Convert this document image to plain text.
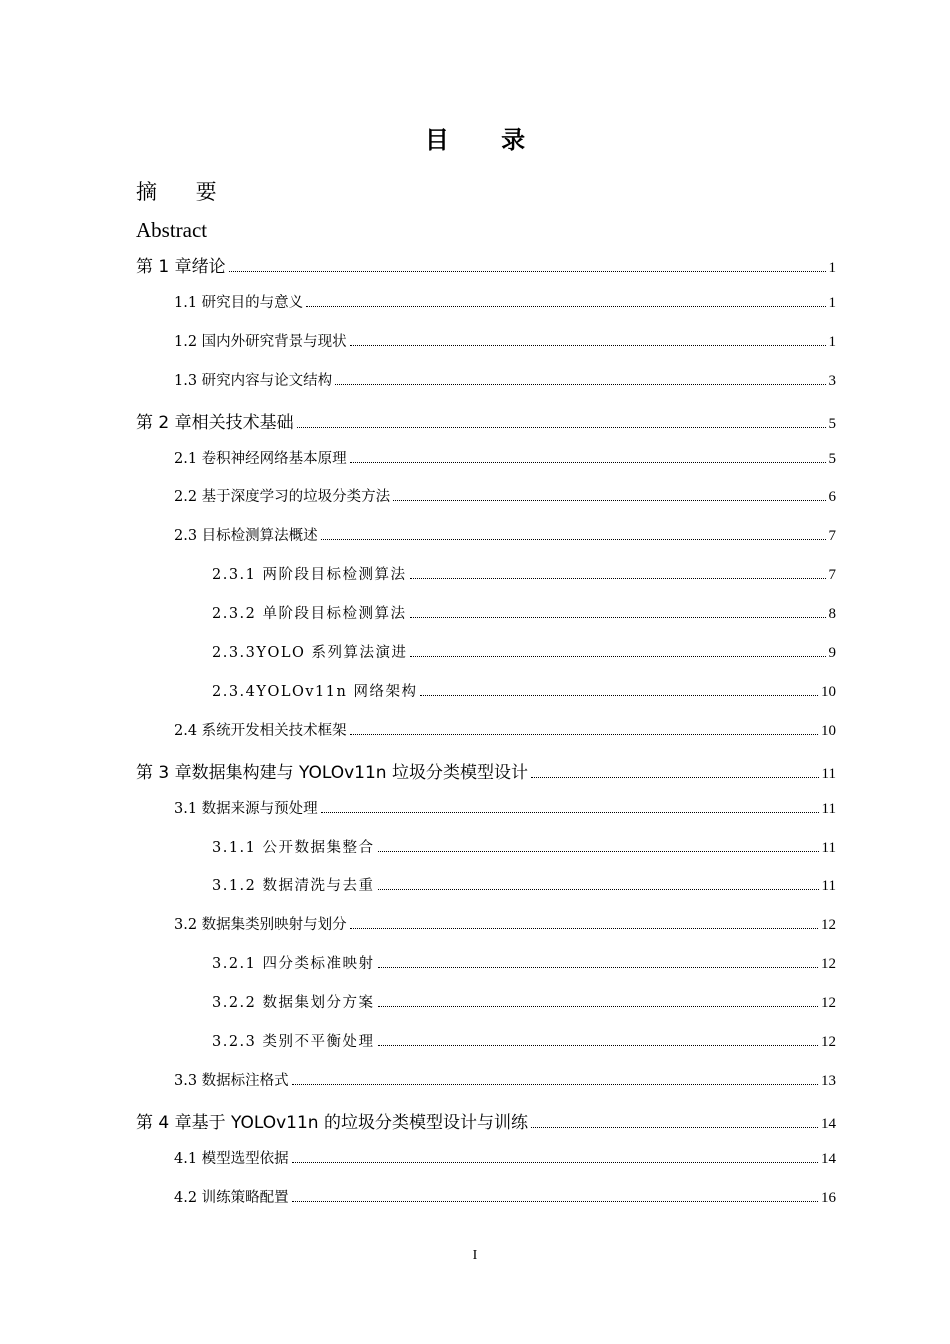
目 录
摘 要
Abstract
第 1 章绪论	1
1.1 研究目的与意义	1
1.2 国内外研究背景与现状	1
1.3 研究内容与论文结构	3
第 2 章相关技术基础	5
2.1 卷积神经网络基本原理	5
2.2 基于深度学习的垃圾分类方法	6
2.3 目标检测算法概述	7
2.3.1 两阶段目标检测算法	7
2.3.2 单阶段目标检测算法	8
2.3.3YOLO 系列算法演进	9
2.3.4YOLOv11n 网络架构	10
2.4 系统开发相关技术框架	10
第 3 章数据集构建与 YOLOv11n 垃圾分类模型设计	11
3.1 数据来源与预处理	11
3.1.1 公开数据集整合	11
3.1.2 数据清洗与去重	11
3.2 数据集类别映射与划分	12
3.2.1 四分类标准映射	12
3.2.2 数据集划分方案	12
3.2.3 类别不平衡处理	12
3.3 数据标注格式	13
第 4 章基于 YOLOv11n 的垃圾分类模型设计与训练	14
4.1 模型选型依据	14
4.2 训练策略配置	16
I
